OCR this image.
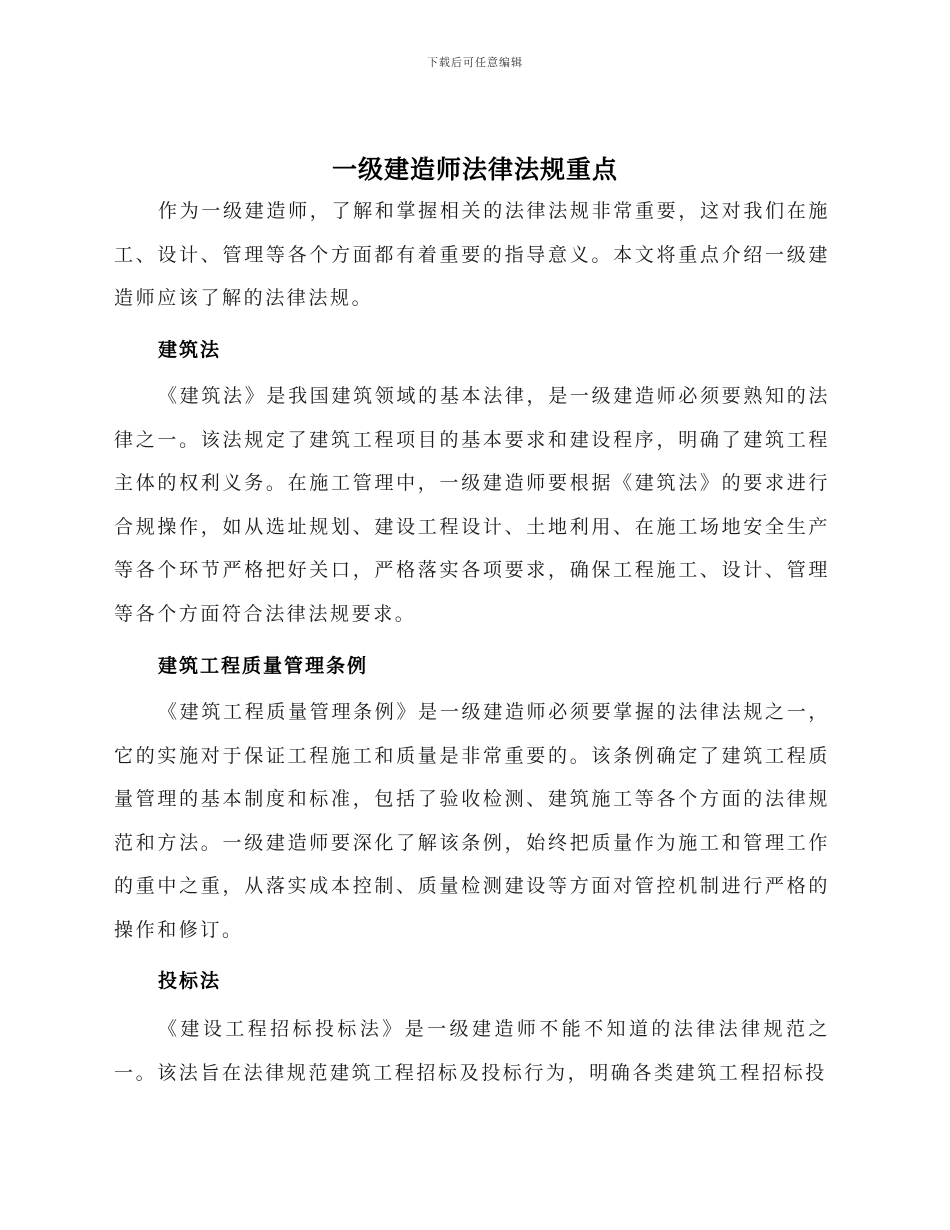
下载后可任意编辑
一级建造师法律法规重点

作为一级建造师，了解和掌握相关的法律法规非常重要，这对我们在施工、设计、管理等各个方面都有着重要的指导意义。本文将重点介绍一级建造师应该了解的法律法规。

建筑法

《建筑法》是我国建筑领域的基本法律，是一级建造师必须要熟知的法律之一。该法规定了建筑工程项目的基本要求和建设程序，明确了建筑工程主体的权利义务。在施工管理中，一级建造师要根据《建筑法》的要求进行合规操作，如从选址规划、建设工程设计、土地利用、在施工场地安全生产等各个环节严格把好关口，严格落实各项要求，确保工程施工、设计、管理等各个方面符合法律法规要求。

建筑工程质量管理条例

《建筑工程质量管理条例》是一级建造师必须要掌握的法律法规之一，它的实施对于保证工程施工和质量是非常重要的。该条例确定了建筑工程质量管理的基本制度和标准，包括了验收检测、建筑施工等各个方面的法律规范和方法。一级建造师要深化了解该条例，始终把质量作为施工和管理工作的重中之重，从落实成本控制、质量检测建设等方面对管控机制进行严格的操作和修订。

投标法

《建设工程招标投标法》是一级建造师不能不知道的法律法律规范之一。该法旨在法律规范建筑工程招标及投标行为，明确各类建筑工程招标投
